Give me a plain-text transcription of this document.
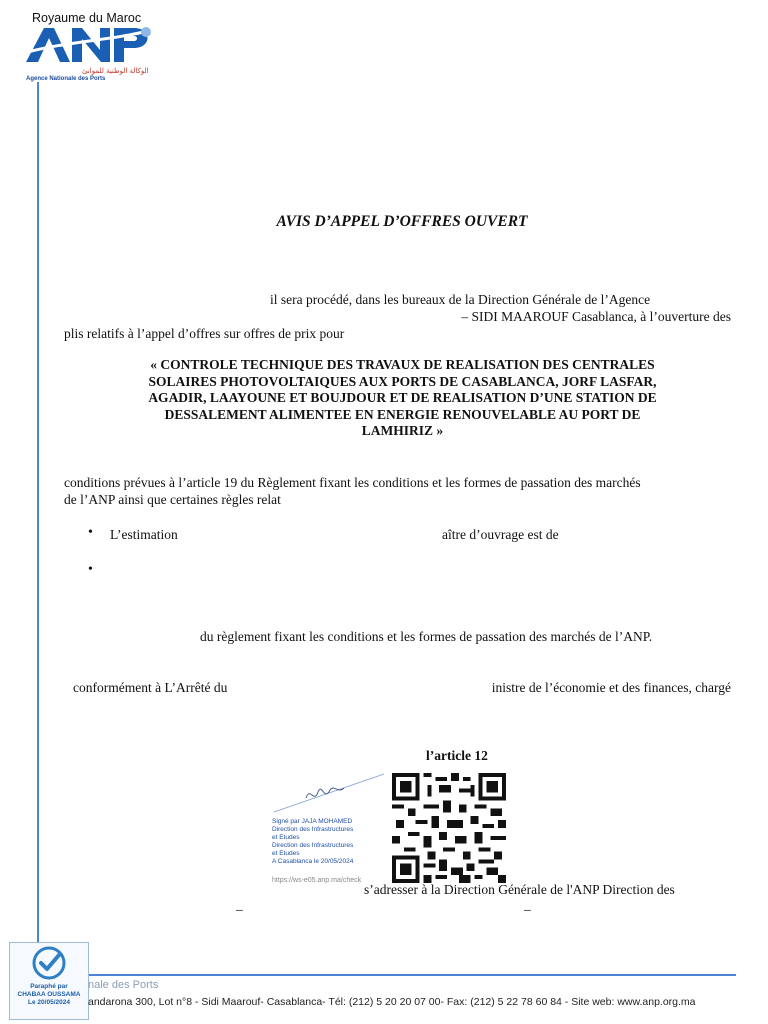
Royaume du Maroc
الوكالة الوطنية للموانئ
Agence Nationale des Ports
AVIS D’APPEL D’OFFRES OUVERT
il sera procédé, dans les bureaux de la Direction Générale de l’Agence
– SIDI MAAROUF Casablanca, à l’ouverture des
plis relatifs à l’appel d’offres sur offres de prix pour
« CONTROLE TECHNIQUE DES TRAVAUX DE REALISATION DES CENTRALES
SOLAIRES PHOTOVOLTAIQUES AUX PORTS DE CASABLANCA, JORF LASFAR,
AGADIR, LAAYOUNE ET BOUJDOUR ET DE REALISATION D’UNE STATION DE
DESSALEMENT ALIMENTEE EN ENERGIE RENOUVELABLE AU PORT DE
LAMHIRIZ »
conditions prévues à l’article 19 du Règlement fixant les conditions et les formes de passation des marchés
de l’ANP ainsi que certaines règles relat
• L’estimation	aître d’ouvrage est de
•
du règlement fixant les conditions et les formes de passation des marchés de l’ANP.
conformément à L’Arrêté du	inistre de l’économie et des finances, chargé
l’article 12
Signé par JAJA MOHAMED
Direction des Infrastructures
et Etudes
Direction des Infrastructures
et Etudes
A Casablanca le 20/05/2024
https://ws-e05.anp.ma/check
s’adresser à la Direction Générale de l'ANP Direction des
_	_
Paraphé par
CHABAA OUSSAMA
Le 20/05/2024
nale des Ports
andarona 300, Lot n°8 - Sidi Maarouf- Casablanca- Tél: (212) 5 20 20 07 00- Fax: (212) 5 22 78 60 84 - Site web: www.anp.org.ma
